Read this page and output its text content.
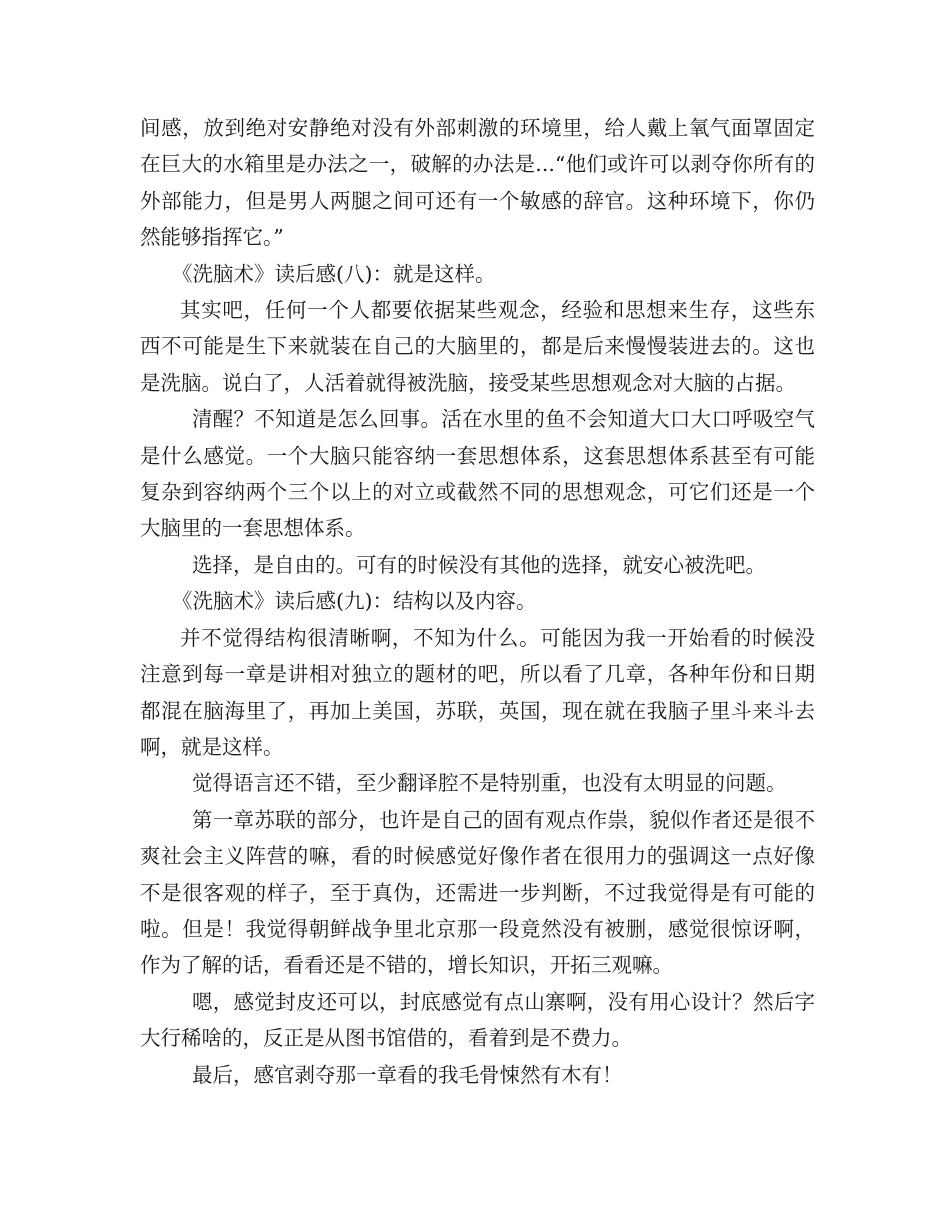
间感，放到绝对安静绝对没有外部刺激的环境里，给人戴上氧气面罩固定在巨大的水箱里是办法之一，破解的办法是...“他们或许可以剥夺你所有的外部能力，但是男人两腿之间可还有一个敏感的辞官。这种环境下，你仍然能够指挥它。”

《洗脑术》读后感(八)：就是这样。

其实吧，任何一个人都要依据某些观念，经验和思想来生存，这些东西不可能是生下来就装在自己的大脑里的，都是后来慢慢装进去的。这也是洗脑。说白了，人活着就得被洗脑，接受某些思想观念对大脑的占据。

清醒？不知道是怎么回事。活在水里的鱼不会知道大口大口呼吸空气是什么感觉。一个大脑只能容纳一套思想体系，这套思想体系甚至有可能复杂到容纳两个三个以上的对立或截然不同的思想观念，可它们还是一个大脑里的一套思想体系。

选择，是自由的。可有的时候没有其他的选择，就安心被洗吧。

《洗脑术》读后感(九)：结构以及内容。

并不觉得结构很清晰啊，不知为什么。可能因为我一开始看的时候没注意到每一章是讲相对独立的题材的吧，所以看了几章，各种年份和日期都混在脑海里了，再加上美国，苏联，英国，现在就在我脑子里斗来斗去啊，就是这样。

觉得语言还不错，至少翻译腔不是特别重，也没有太明显的问题。

第一章苏联的部分，也许是自己的固有观点作祟，貌似作者还是很不爽社会主义阵营的嘛，看的时候感觉好像作者在很用力的强调这一点好像不是很客观的样子，至于真伪，还需进一步判断，不过我觉得是有可能的啦。但是！我觉得朝鲜战争里北京那一段竟然没有被删，感觉很惊讶啊，作为了解的话，看看还是不错的，增长知识，开拓三观嘛。

嗯，感觉封皮还可以，封底感觉有点山寨啊，没有用心设计？然后字大行稀啥的，反正是从图书馆借的，看着到是不费力。

最后，感官剥夺那一章看的我毛骨悚然有木有！
